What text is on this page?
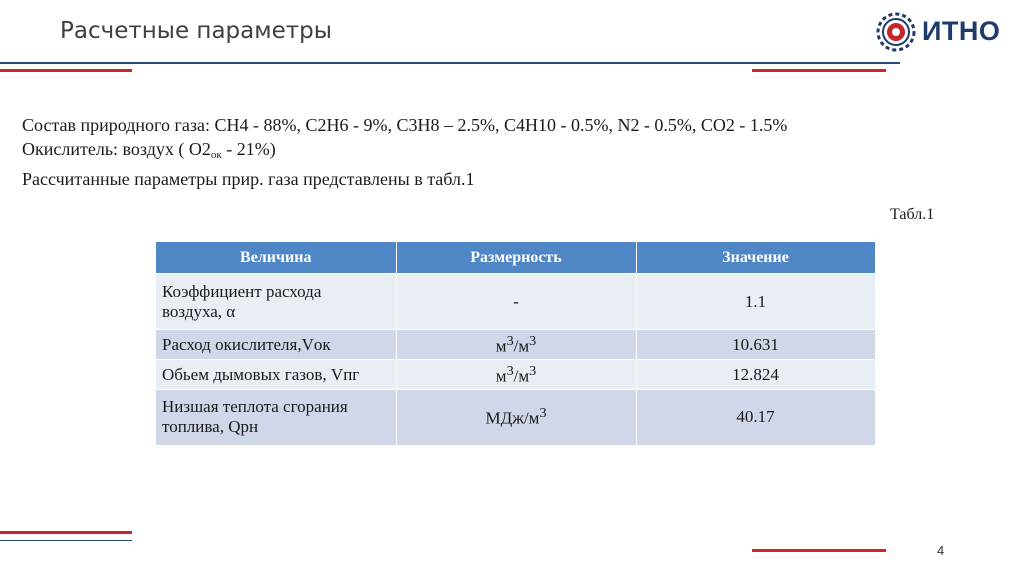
Расчетные параметры	ИТНО

Состав природного газа: СН4 - 88%, С2Н6 - 9%, С3Н8 – 2.5%, С4Н10 - 0.5%, N2 - 0.5%, CO2 - 1.5%

Окислитель: воздух ( О2ок - 21%)

Рассчитанные параметры прир. газа представлены в табл.1

Табл.1
Величина	Размерность	Значение
Коэффициент расхода
воздуха, α	-	1.1
Расход окислителя,Vок	$м^3/м^3$	10.631
Обьем дымовых газов, Vпг	$м^3/м^3$	12.824
Низшая теплота сгорания
топлива, Qрн	МДж/$м^3$	40.17
4
